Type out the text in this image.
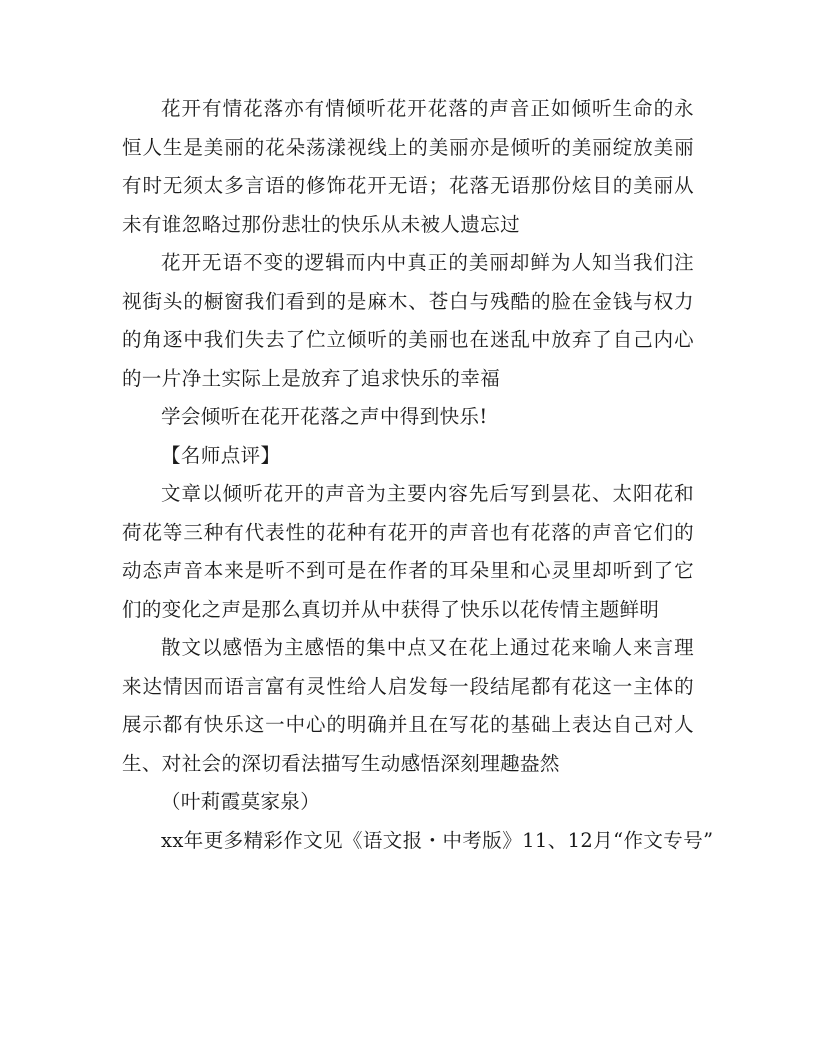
花开有情花落亦有情倾听花开花落的声音正如倾听生命的永恒人生是美丽的花朵荡漾视线上的美丽亦是倾听的美丽绽放美丽有时无须太多言语的修饰花开无语；花落无语那份炫目的美丽从未有谁忽略过那份悲壮的快乐从未被人遗忘过

花开无语不变的逻辑而内中真正的美丽却鲜为人知当我们注视街头的橱窗我们看到的是麻木、苍白与残酷的脸在金钱与权力的角逐中我们失去了伫立倾听的美丽也在迷乱中放弃了自己内心的一片净土实际上是放弃了追求快乐的幸福

学会倾听在花开花落之声中得到快乐!

【名师点评】

文章以倾听花开的声音为主要内容先后写到昙花、太阳花和荷花等三种有代表性的花种有花开的声音也有花落的声音它们的动态声音本来是听不到可是在作者的耳朵里和心灵里却听到了它们的变化之声是那么真切并从中获得了快乐以花传情主题鲜明

散文以感悟为主感悟的集中点又在花上通过花来喻人来言理来达情因而语言富有灵性给人启发每一段结尾都有花这一主体的展示都有快乐这一中心的明确并且在写花的基础上表达自己对人生、对社会的深切看法描写生动感悟深刻理趣盎然

（叶莉霞莫家泉）

xx年更多精彩作文见《语文报・中考版》11、12月“作文专号”
